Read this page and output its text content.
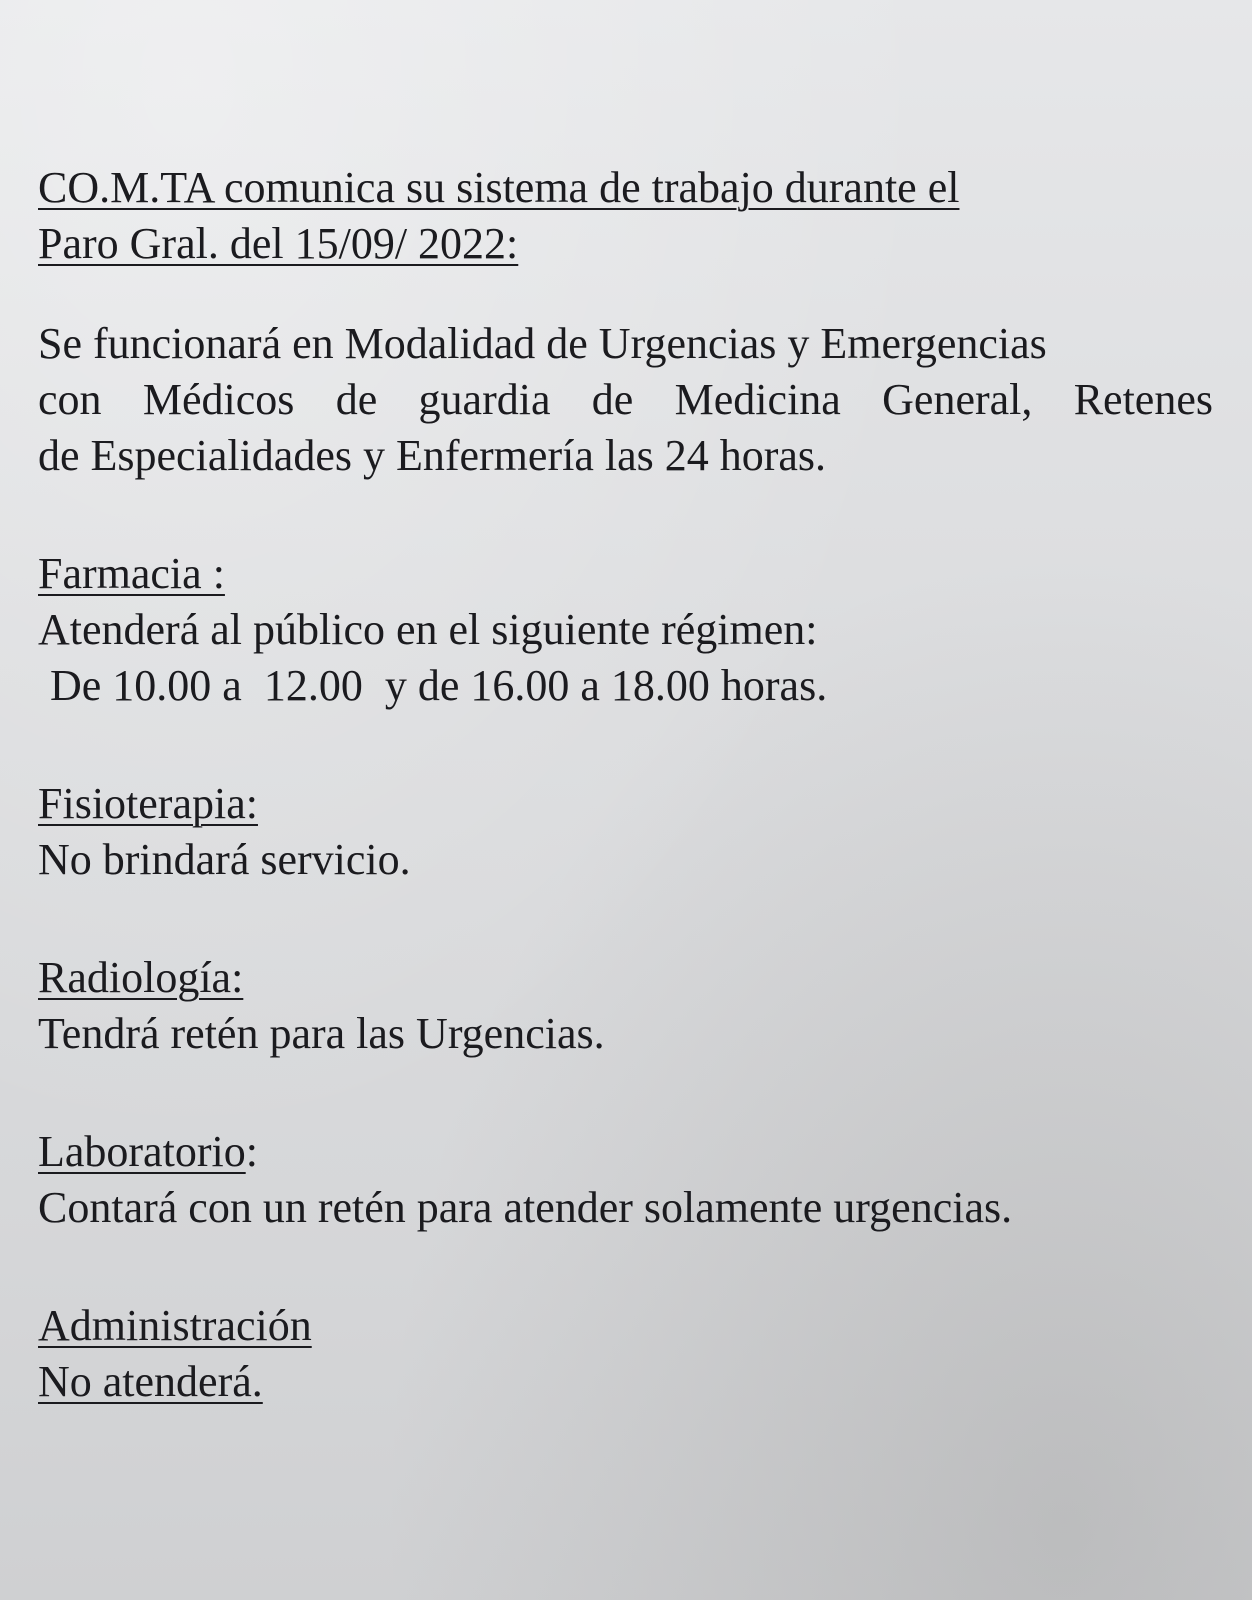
CO.M.TA comunica su sistema de trabajo durante el

Paro Gral. del 15/09/ 2022:

Se funcionará en Modalidad de Urgencias y Emergencias

con Médicos de guardia de Medicina General, Retenes

de Especialidades y Enfermería las 24 horas.

Farmacia :

Atenderá al público en el siguiente régimen:

De 10.00 a  12.00  y de 16.00 a 18.00 horas.

Fisioterapia:

No brindará servicio.

Radiología:

Tendrá retén para las Urgencias.

Laboratorio:

Contará con un retén para atender solamente urgencias.

Administración

No atenderá.
